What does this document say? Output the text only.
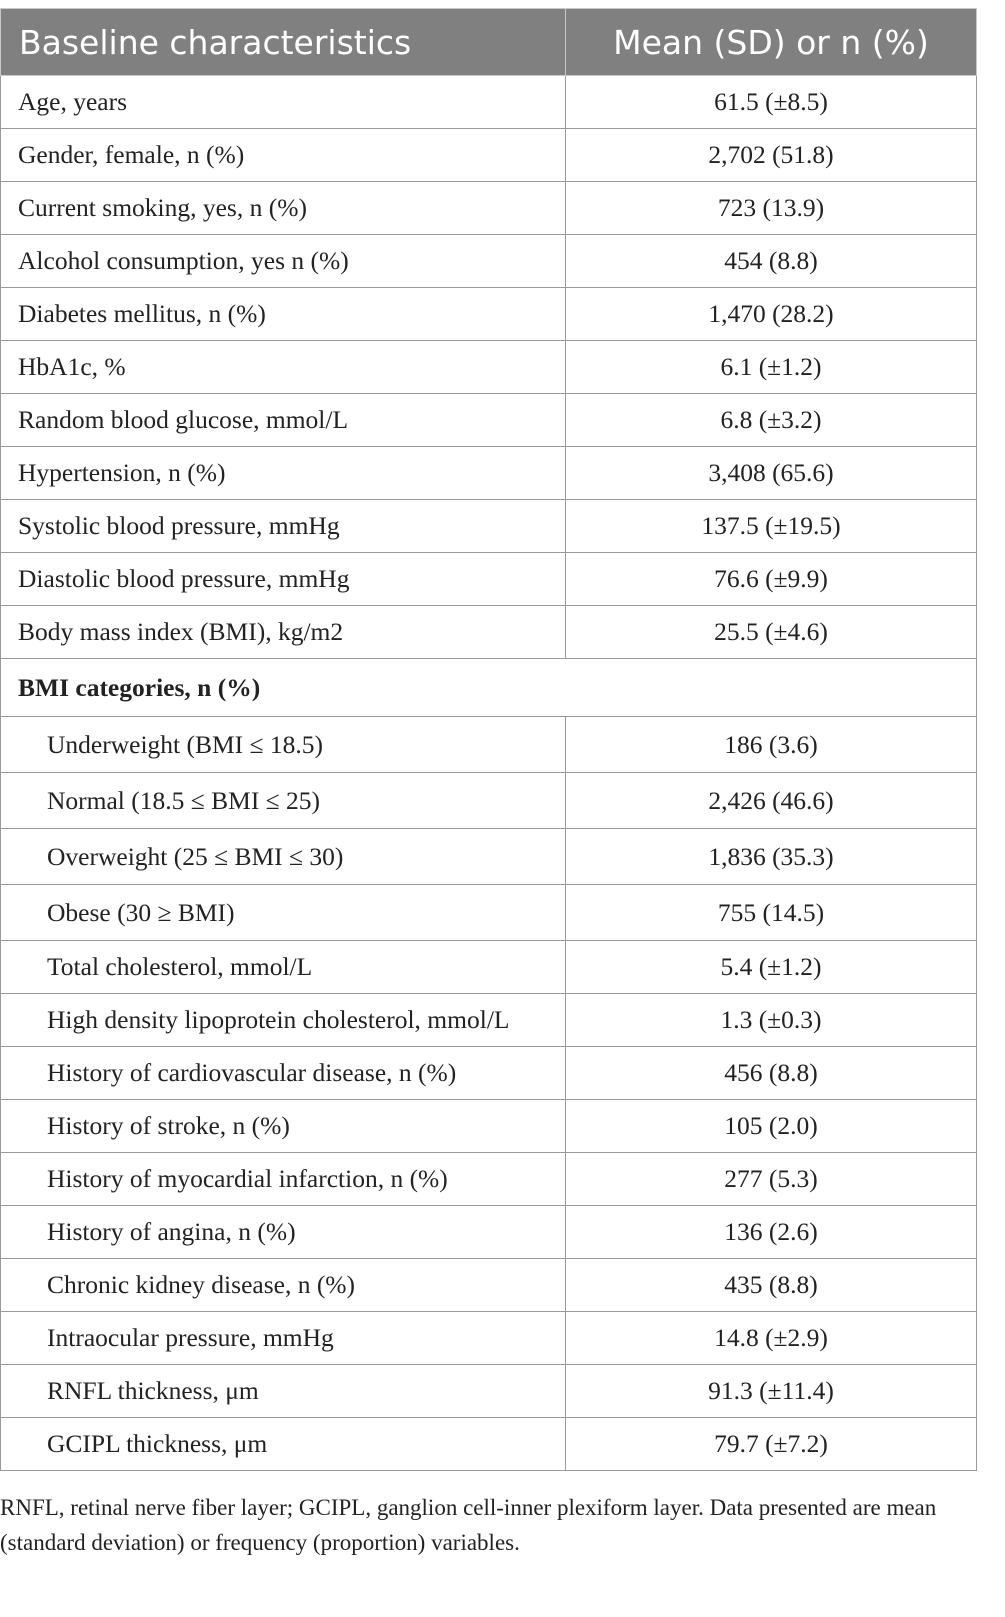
Baseline characteristics	Mean (SD) or n (%)
Age, years	61.5 (±8.5)
Gender, female, n (%)	2,702 (51.8)
Current smoking, yes, n (%)	723 (13.9)
Alcohol consumption, yes n (%)	454 (8.8)
Diabetes mellitus, n (%)	1,470 (28.2)
HbA1c, %	6.1 (±1.2)
Random blood glucose, mmol/L	6.8 (±3.2)
Hypertension, n (%)	3,408 (65.6)
Systolic blood pressure, mmHg	137.5 (±19.5)
Diastolic blood pressure, mmHg	76.6 (±9.9)
Body mass index (BMI), kg/m2	25.5 (±4.6)
BMI categories, n (%)	
Underweight (BMI ≤ 18.5)	186 (3.6)
Normal (18.5 ≤ BMI ≤ 25)	2,426 (46.6)
Overweight (25 ≤ BMI ≤ 30)	1,836 (35.3)
Obese (30 ≥ BMI)	755 (14.5)
Total cholesterol, mmol/L	5.4 (±1.2)
High density lipoprotein cholesterol, mmol/L	1.3 (±0.3)
History of cardiovascular disease, n (%)	456 (8.8)
History of stroke, n (%)	105 (2.0)
History of myocardial infarction, n (%)	277 (5.3)
History of angina, n (%)	136 (2.6)
Chronic kidney disease, n (%)	435 (8.8)
Intraocular pressure, mmHg	14.8 (±2.9)
RNFL thickness, μm	91.3 (±11.4)
GCIPL thickness, μm	79.7 (±7.2)
RNFL, retinal nerve fiber layer; GCIPL, ganglion cell-inner plexiform layer. Data presented are mean (standard deviation) or frequency (proportion) variables.
